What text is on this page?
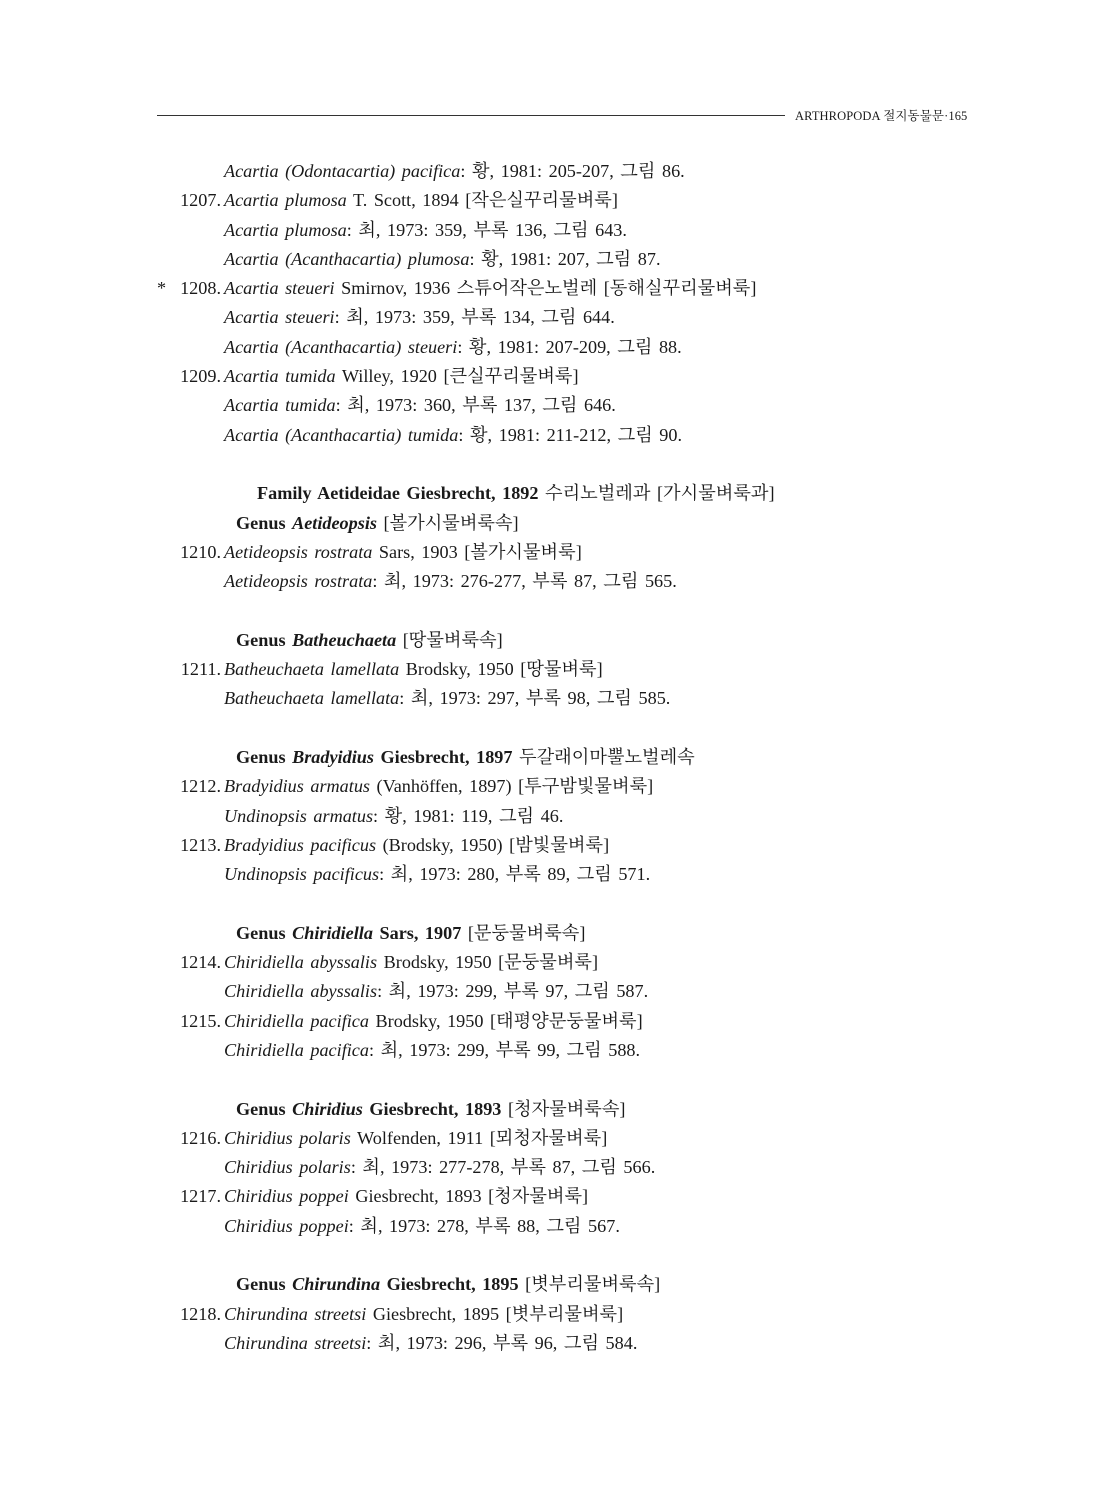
ARTHROPODA 절지동물문·165
Acartia (Odontacartia) pacifica: 황, 1981: 205-207, 그림 86.
1207. Acartia plumosa T. Scott, 1894 [작은실꾸리물벼룩]
Acartia plumosa: 최, 1973: 359, 부록 136, 그림 643.
Acartia (Acanthacartia) plumosa: 황, 1981: 207, 그림 87.
* 1208. Acartia steueri Smirnov, 1936 스튜어작은노벌레 [동해실꾸리물벼룩]
Acartia steueri: 최, 1973: 359, 부록 134, 그림 644.
Acartia (Acanthacartia) steueri: 황, 1981: 207-209, 그림 88.
1209. Acartia tumida Willey, 1920 [큰실꾸리물벼룩]
Acartia tumida: 최, 1973: 360, 부록 137, 그림 646.
Acartia (Acanthacartia) tumida: 황, 1981: 211-212, 그림 90.
Family Aetideidae Giesbrecht, 1892 수리노벌레과 [가시물벼룩과]
Genus Aetideopsis [볼가시물벼룩속]
1210. Aetideopsis rostrata Sars, 1903 [볼가시물벼룩]
Aetideopsis rostrata: 최, 1973: 276-277, 부록 87, 그림 565.
Genus Batheuchaeta [땅물벼룩속]
1211. Batheuchaeta lamellata Brodsky, 1950 [땅물벼룩]
Batheuchaeta lamellata: 최, 1973: 297, 부록 98, 그림 585.
Genus Bradyidius Giesbrecht, 1897 두갈래이마뿔노벌레속
1212. Bradyidius armatus (Vanhöffen, 1897) [투구밤빛물벼룩]
Undinopsis armatus: 황, 1981: 119, 그림 46.
1213. Bradyidius pacificus (Brodsky, 1950) [밤빛물벼룩]
Undinopsis pacificus: 최, 1973: 280, 부록 89, 그림 571.
Genus Chiridiella Sars, 1907 [문둥물벼룩속]
1214. Chiridiella abyssalis Brodsky, 1950 [문둥물벼룩]
Chiridiella abyssalis: 최, 1973: 299, 부록 97, 그림 587.
1215. Chiridiella pacifica Brodsky, 1950 [태평양문둥물벼룩]
Chiridiella pacifica: 최, 1973: 299, 부록 99, 그림 588.
Genus Chiridius Giesbrecht, 1893 [청자물벼룩속]
1216. Chiridius polaris Wolfenden, 1911 [뫼청자물벼룩]
Chiridius polaris: 최, 1973: 277-278, 부록 87, 그림 566.
1217. Chiridius poppei Giesbrecht, 1893 [청자물벼룩]
Chiridius poppei: 최, 1973: 278, 부록 88, 그림 567.
Genus Chirundina Giesbrecht, 1895 [볏부리물벼룩속]
1218. Chirundina streetsi Giesbrecht, 1895 [볏부리물벼룩]
Chirundina streetsi: 최, 1973: 296, 부록 96, 그림 584.
